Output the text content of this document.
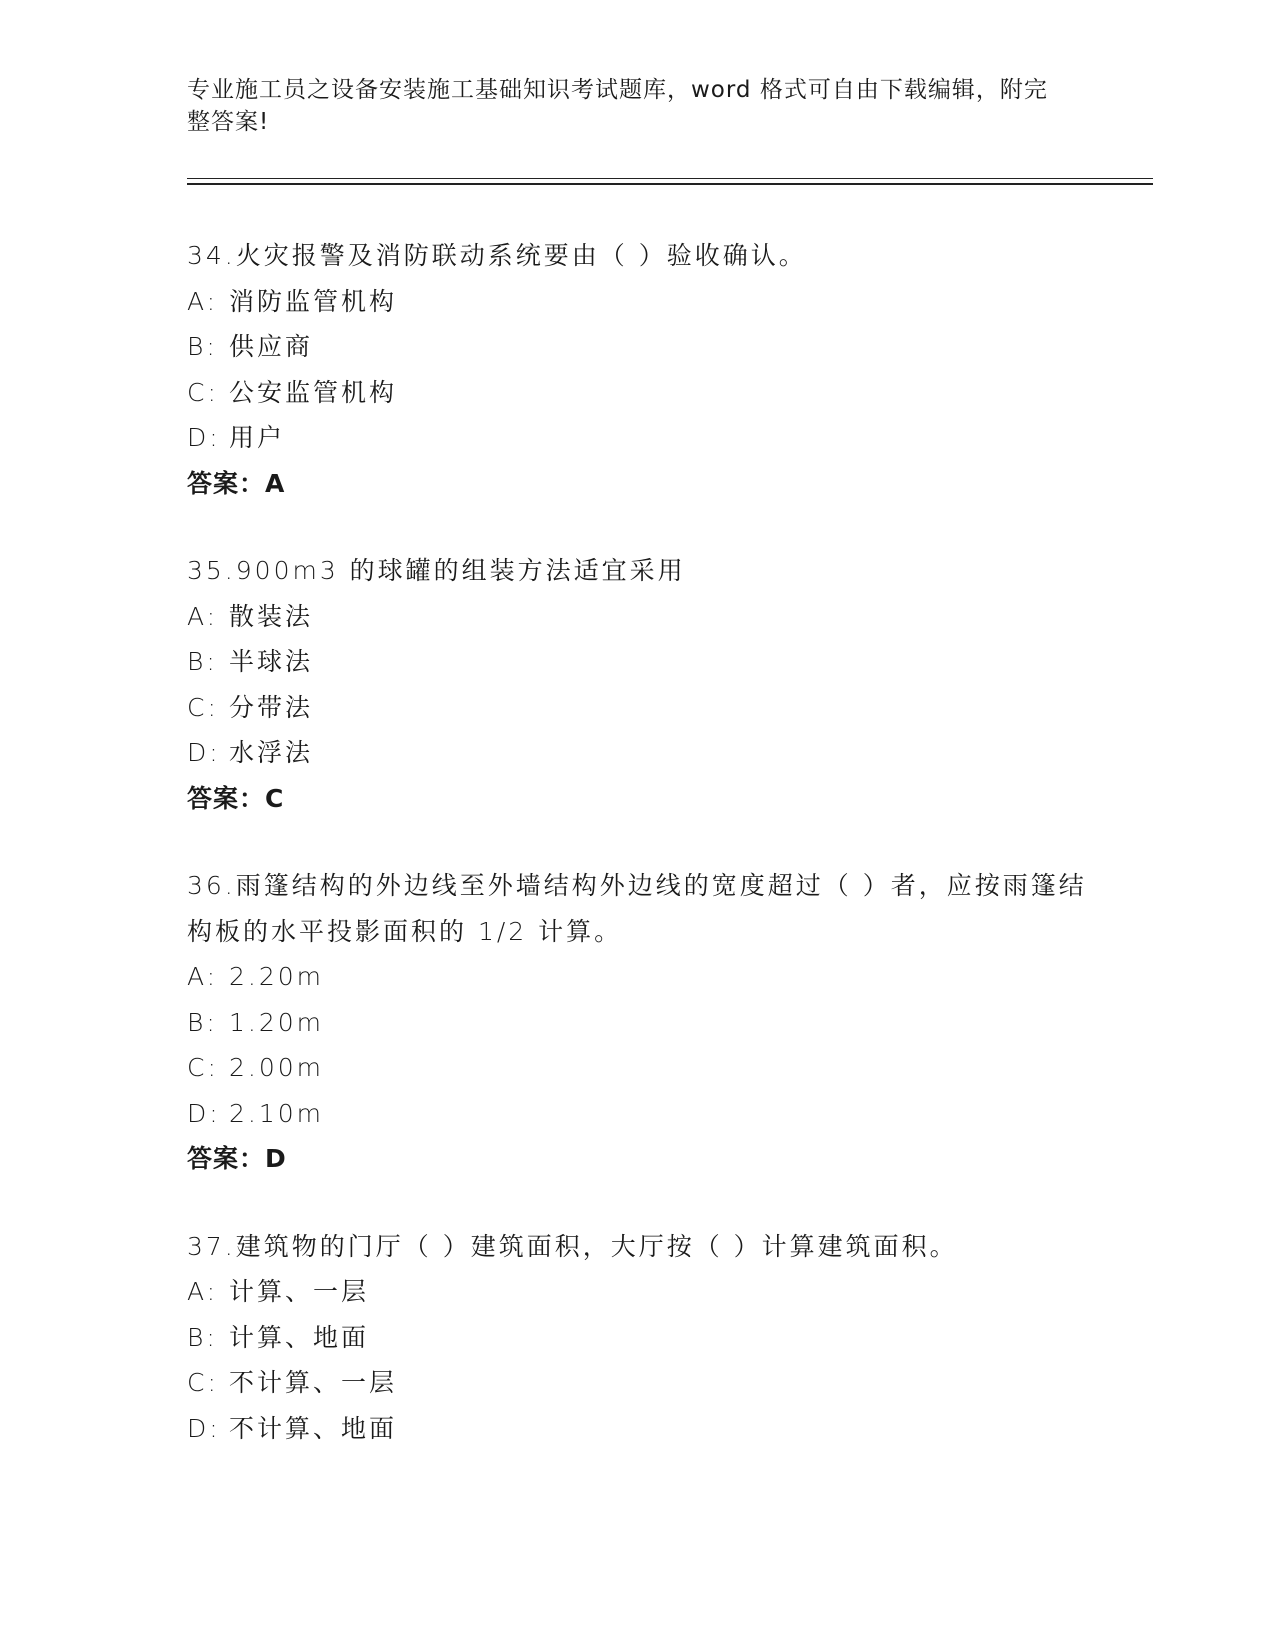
专业施工员之设备安装施工基础知识考试题库，word 格式可自由下载编辑，附完整答案!
34.火灾报警及消防联动系统要由（ ）验收确认。
A: 消防监管机构
B: 供应商
C: 公安监管机构
D: 用户
答案：A
35.900m3 的球罐的组装方法适宜采用
A: 散装法
B: 半球法
C: 分带法
D: 水浮法
答案：C
36.雨篷结构的外边线至外墙结构外边线的宽度超过（ ）者，应按雨篷结构板的水平投影面积的 1/2 计算。
A: 2.20m
B: 1.20m
C: 2.00m
D: 2.10m
答案：D
37.建筑物的门厅（ ）建筑面积，大厅按（ ）计算建筑面积。
A: 计算、一层
B: 计算、地面
C: 不计算、一层
D: 不计算、地面
